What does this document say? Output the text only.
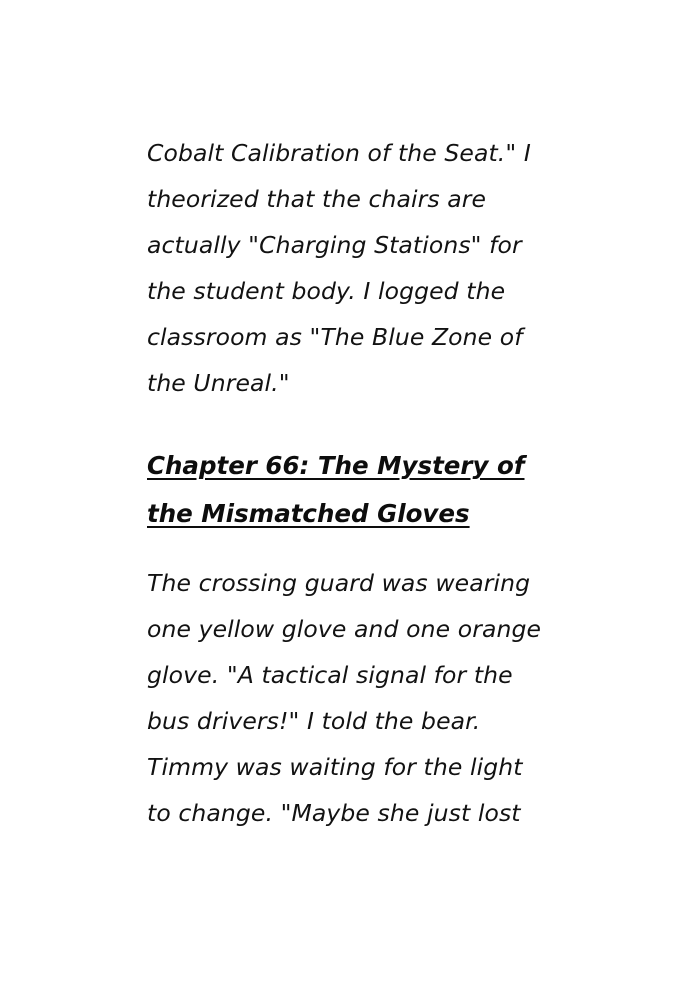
Cobalt Calibration of the Seat." I theorized that the chairs are actually "Charging Stations" for the student body. I logged the classroom as "The Blue Zone of the Unreal."

Chapter 66: The Mystery of the Mismatched Gloves

The crossing guard was wearing one yellow glove and one orange glove. "A tactical signal for the bus drivers!" I told the bear. Timmy was waiting for the light to change. "Maybe she just lost
